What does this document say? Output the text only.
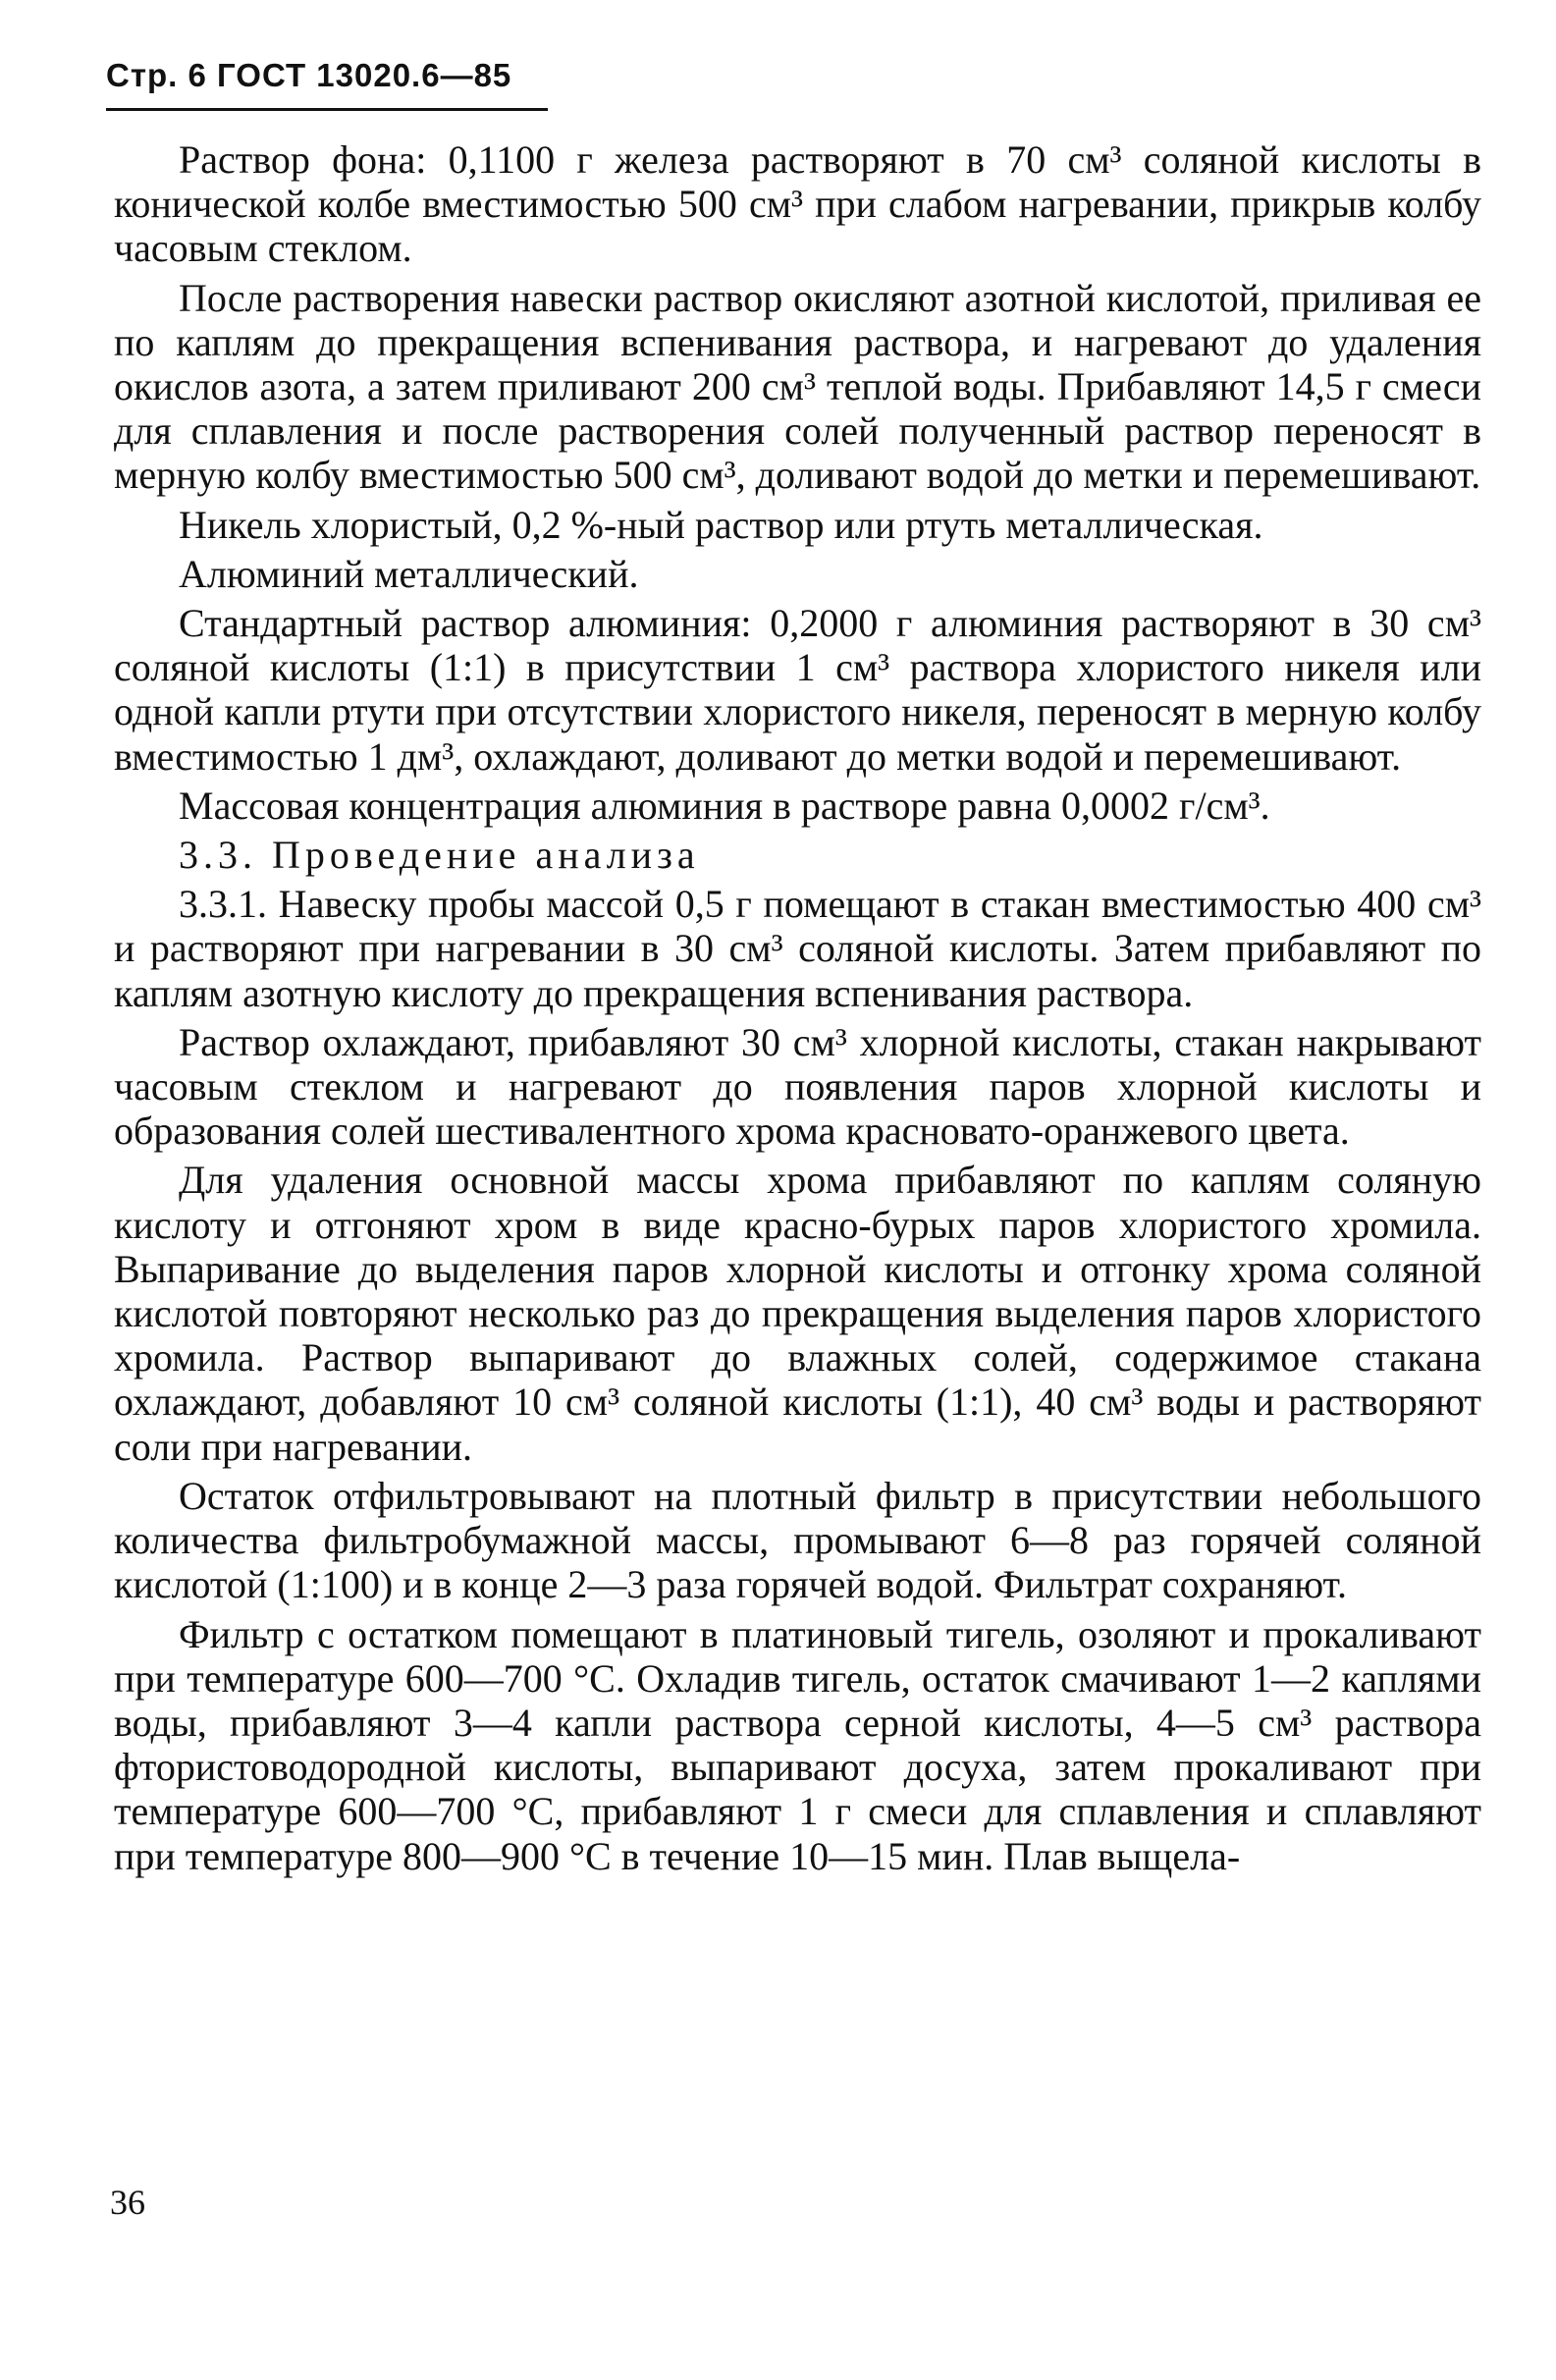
Стр. 6 ГОСТ 13020.6—85

Раствор фона: 0,1100 г железа растворяют в 70 см³ соляной кислоты в конической колбе вместимостью 500 см³ при слабом нагревании, прикрыв колбу часовым стеклом.

После растворения навески раствор окисляют азотной кислотой, приливая ее по каплям до прекращения вспенивания раствора, и нагревают до удаления окислов азота, а затем приливают 200 см³ теплой воды. Прибавляют 14,5 г смеси для сплавления и после растворения солей полученный раствор переносят в мерную колбу вместимостью 500 см³, доливают водой до метки и перемешивают.

Никель хлористый, 0,2 %-ный раствор или ртуть металлическая.

Алюминий металлический.

Стандартный раствор алюминия: 0,2000 г алюминия растворяют в 30 см³ соляной кислоты (1:1) в присутствии 1 см³ раствора хлористого никеля или одной капли ртути при отсутствии хлористого никеля, переносят в мерную колбу вместимостью 1 дм³, охлаждают, доливают до метки водой и перемешивают.

Массовая концентрация алюминия в растворе равна 0,0002 г/см³.

3.3. Проведение анализа

3.3.1. Навеску пробы массой 0,5 г помещают в стакан вместимостью 400 см³ и растворяют при нагревании в 30 см³ соляной кислоты. Затем прибавляют по каплям азотную кислоту до прекращения вспенивания раствора.

Раствор охлаждают, прибавляют 30 см³ хлорной кислоты, стакан накрывают часовым стеклом и нагревают до появления паров хлорной кислоты и образования солей шестивалентного хрома красновато-оранжевого цвета.

Для удаления основной массы хрома прибавляют по каплям соляную кислоту и отгоняют хром в виде красно-бурых паров хлористого хромила. Выпаривание до выделения паров хлорной кислоты и отгонку хрома соляной кислотой повторяют несколько раз до прекращения выделения паров хлористого хромила. Раствор выпаривают до влажных солей, содержимое стакана охлаждают, добавляют 10 см³ соляной кислоты (1:1), 40 см³ воды и растворяют соли при нагревании.

Остаток отфильтровывают на плотный фильтр в присутствии небольшого количества фильтробумажной массы, промывают 6—8 раз горячей соляной кислотой (1:100) и в конце 2—3 раза горячей водой. Фильтрат сохраняют.

Фильтр с остатком помещают в платиновый тигель, озоляют и прокаливают при температуре 600—700 °С. Охладив тигель, остаток смачивают 1—2 каплями воды, прибавляют 3—4 капли раствора серной кислоты, 4—5 см³ раствора фтористоводородной кислоты, выпаривают досуха, затем прокаливают при температуре 600—700 °С, прибавляют 1 г смеси для сплавления и сплавляют при температуре 800—900 °С в течение 10—15 мин. Плав выщела-

36
